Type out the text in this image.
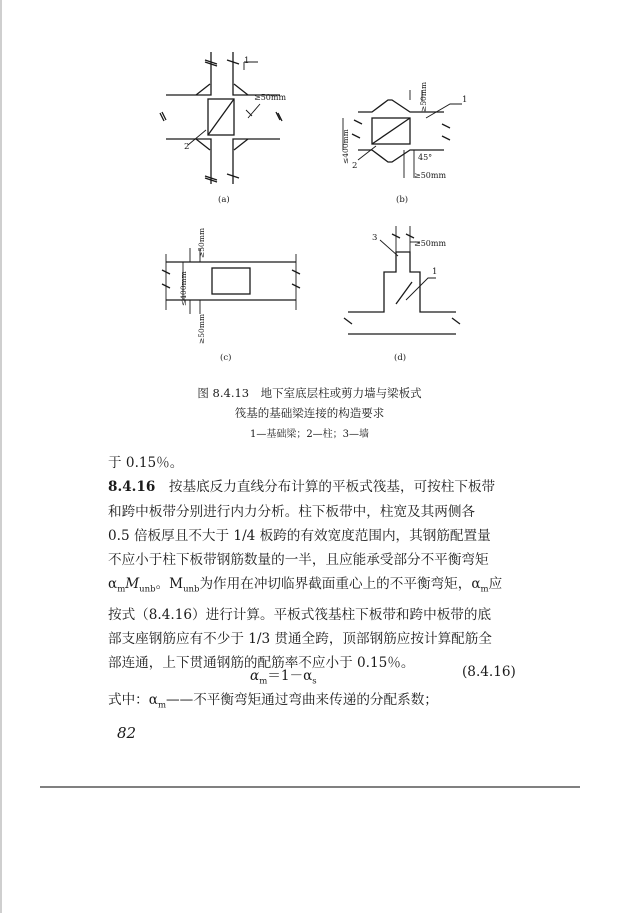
1
2
≥50mm
(a)
≤400mm
≥50mm	1
2
45°
≥50mm
(b)
≥50mm
≤400mm
≥50mm
(c)
3
1
≥50mm
(d)
图 8.4.13　地下室底层柱或剪力墙与梁板式
筏基的基础梁连接的构造要求
1—基础梁；2—柱；3—墙
于 0.15％。
8.4.16　按基底反力直线分布计算的平板式筏基，可按柱下板带
和跨中板带分别进行内力分析。柱下板带中，柱宽及其两侧各
0.5 倍板厚且不大于 1/4 板跨的有效宽度范围内，其钢筋配置量
不应小于柱下板带钢筋数量的一半，且应能承受部分不平衡弯矩
$\alpha_mM_{unb}$。$M_{unb}$为作用在冲切临界截面重心上的不平衡弯矩，$\alpha_m$应
按式（8.4.16）进行计算。平板式筏基柱下板带和跨中板带的底
部支座钢筋应有不少于 1/3 贯通全跨，顶部钢筋应按计算配筋全
部连通，上下贯通钢筋的配筋率不应小于 0.15％。
$\alpha_m=1-\alpha_s$
(8.4.16)
式中：$\alpha_m——$不平衡弯矩通过弯曲来传递的分配系数；
82
